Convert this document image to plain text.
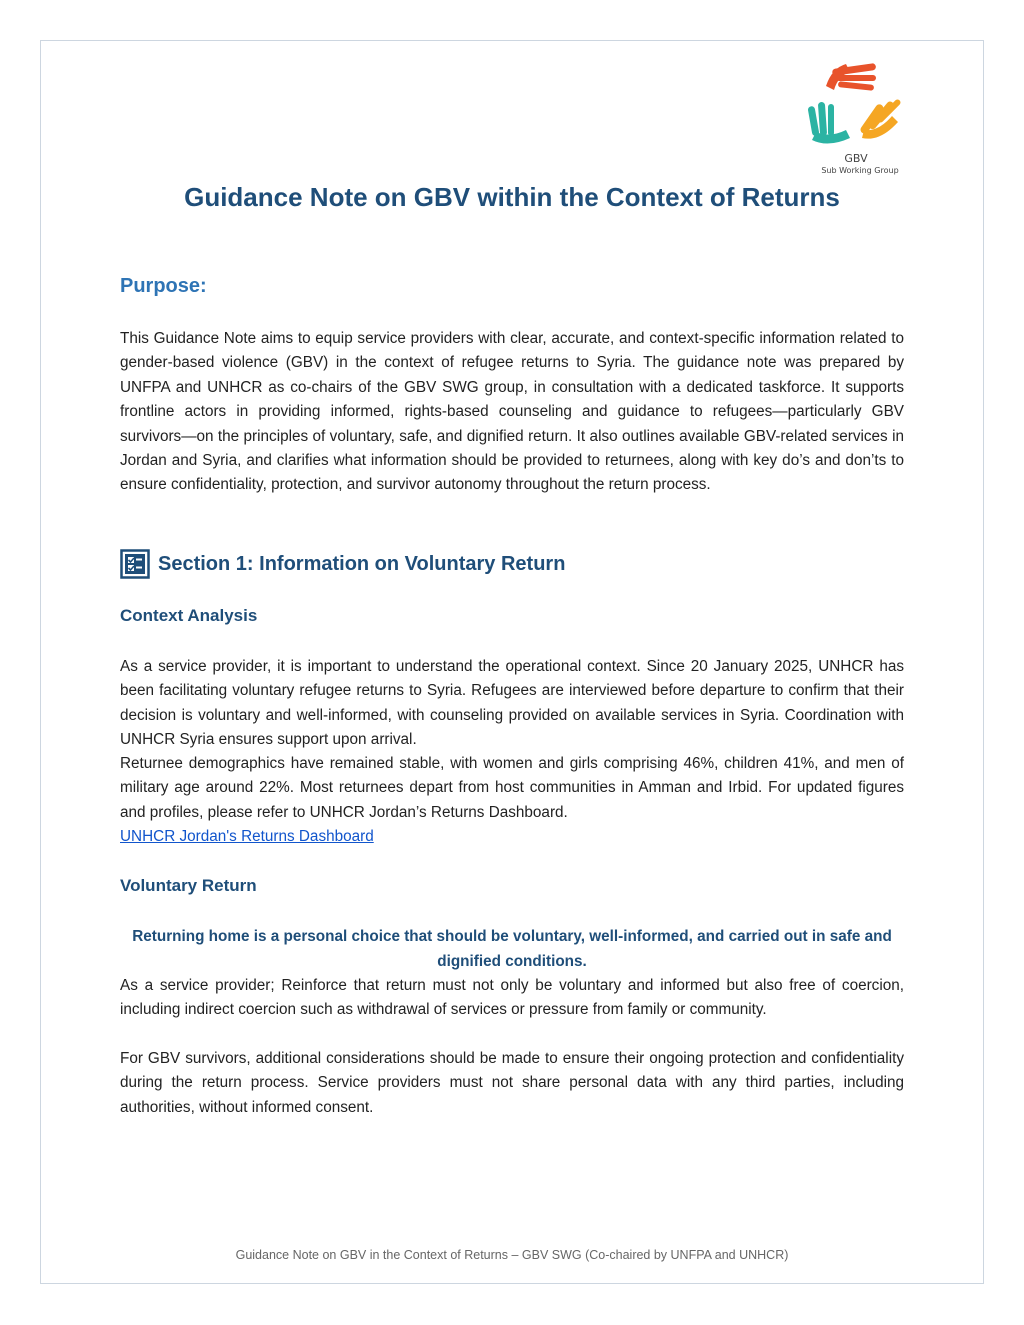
GBV
Sub Working Group
Guidance Note on GBV within the Context of Returns
Purpose:
This Guidance Note aims to equip service providers with clear, accurate, and context-specific information related to gender-based violence (GBV) in the context of refugee returns to Syria. The guidance note was prepared by UNFPA and UNHCR as co-chairs of the GBV SWG group, in consultation with a dedicated taskforce. It supports frontline actors in providing informed, rights-based counseling and guidance to refugees—particularly GBV survivors—on the principles of voluntary, safe, and dignified return. It also outlines available GBV-related services in Jordan and Syria, and clarifies what information should be provided to returnees, along with key do’s and don’ts to ensure confidentiality, protection, and survivor autonomy throughout the return process.
Section 1: Information on Voluntary Return
Context Analysis
As a service provider, it is important to understand the operational context. Since 20 January 2025, UNHCR has been facilitating voluntary refugee returns to Syria. Refugees are interviewed before departure to confirm that their decision is voluntary and well-informed, with counseling provided on available services in Syria. Coordination with UNHCR Syria ensures support upon arrival.
Returnee demographics have remained stable, with women and girls comprising 46%, children 41%, and men of military age around 22%. Most returnees depart from host communities in Amman and Irbid. For updated figures and profiles, please refer to UNHCR Jordan’s Returns Dashboard.
UNHCR Jordan's Returns Dashboard
Voluntary Return
Returning home is a personal choice that should be voluntary, well-informed, and carried out in safe and dignified conditions.
As a service provider; Reinforce that return must not only be voluntary and informed but also free of coercion, including indirect coercion such as withdrawal of services or pressure from family or community.
For GBV survivors, additional considerations should be made to ensure their ongoing protection and confidentiality during the return process. Service providers must not share personal data with any third parties, including authorities, without informed consent.
Guidance Note on GBV in the Context of Returns – GBV SWG (Co-chaired by UNFPA and UNHCR)
